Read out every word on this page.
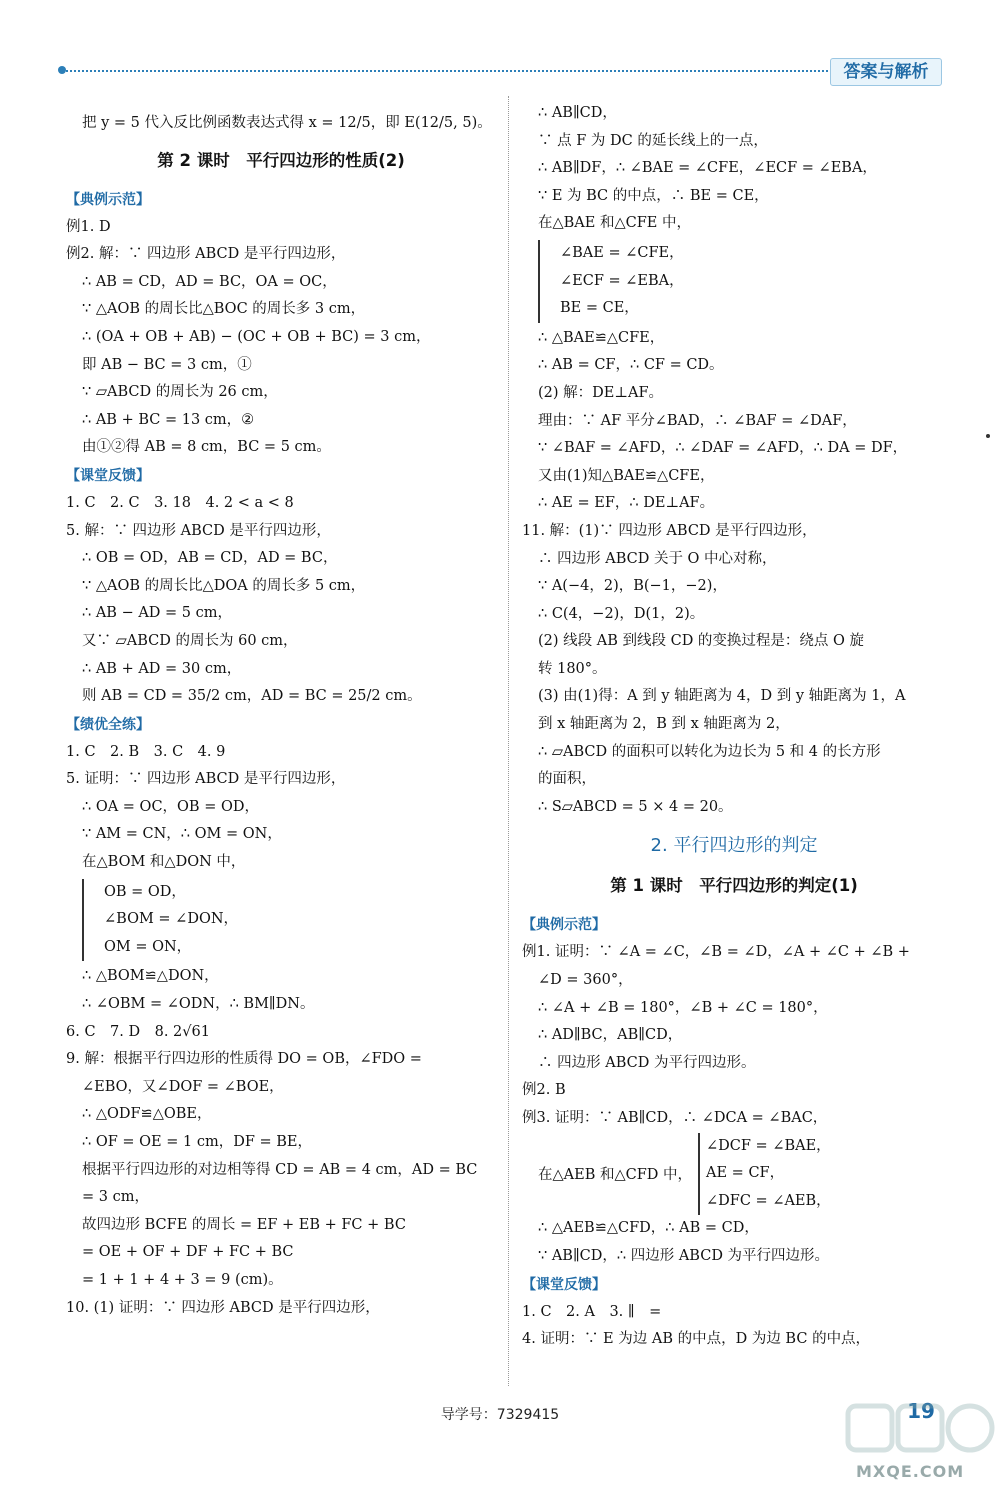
答案与解析
把 y = 5 代入反比例函数表达式得 x = 12/5，即 E(12/5, 5)。
第 2 课时　平行四边形的性质(2)
【典例示范】
例1. D
例2. 解：∵ 四边形 ABCD 是平行四边形，
∴ AB = CD，AD = BC，OA = OC，
∵ △AOB 的周长比△BOC 的周长多 3 cm，
∴ (OA + OB + AB) − (OC + OB + BC) = 3 cm，
即 AB − BC = 3 cm，①
∵ ▱ABCD 的周长为 26 cm，
∴ AB + BC = 13 cm，②
由①②得 AB = 8 cm，BC = 5 cm。
【课堂反馈】
1. C　2. C　3. 18　4. 2 < a < 8
5. 解：∵ 四边形 ABCD 是平行四边形，
∴ OB = OD，AB = CD，AD = BC，
∵ △AOB 的周长比△DOA 的周长多 5 cm，
∴ AB − AD = 5 cm，
又∵ ▱ABCD 的周长为 60 cm，
∴ AB + AD = 30 cm，
则 AB = CD = 35/2 cm，AD = BC = 25/2 cm。
【绩优全练】
1. C　2. B　3. C　4. 9
5. 证明：∵ 四边形 ABCD 是平行四边形，
∴ OA = OC，OB = OD，
∵ AM = CN，∴ OM = ON，
在△BOM 和△DON 中，
OB = OD，
∠BOM = ∠DON，
OM = ON，
∴ △BOM≌△DON，
∴ ∠OBM = ∠ODN，∴ BM∥DN。
6. C　7. D　8. 2√61
9. 解：根据平行四边形的性质得 DO = OB，∠FDO =
∠EBO，又∠DOF = ∠BOE，
∴ △ODF≌△OBE，
∴ OF = OE = 1 cm，DF = BE，
根据平行四边形的对边相等得 CD = AB = 4 cm，AD = BC
= 3 cm，
故四边形 BCFE 的周长 = EF + EB + FC + BC
= OE + OF + DF + FC + BC
= 1 + 1 + 4 + 3 = 9 (cm)。
10. (1) 证明：∵ 四边形 ABCD 是平行四边形，
∴ AB∥CD，
∵ 点 F 为 DC 的延长线上的一点，
∴ AB∥DF，∴ ∠BAE = ∠CFE，∠ECF = ∠EBA，
∵ E 为 BC 的中点，∴ BE = CE，
在△BAE 和△CFE 中，
∠BAE = ∠CFE，
∠ECF = ∠EBA，
BE = CE，
∴ △BAE≌△CFE，
∴ AB = CF，∴ CF = CD。
(2) 解：DE⊥AF。
理由：∵ AF 平分∠BAD，∴ ∠BAF = ∠DAF，
∵ ∠BAF = ∠AFD，∴ ∠DAF = ∠AFD，∴ DA = DF，
又由(1)知△BAE≌△CFE，
∴ AE = EF，∴ DE⊥AF。
11. 解：(1)∵ 四边形 ABCD 是平行四边形，
∴ 四边形 ABCD 关于 O 中心对称，
∵ A(−4，2)，B(−1，−2)，
∴ C(4，−2)，D(1，2)。
(2) 线段 AB 到线段 CD 的变换过程是：绕点 O 旋
转 180°。
(3) 由(1)得：A 到 y 轴距离为 4，D 到 y 轴距离为 1，A
到 x 轴距离为 2，B 到 x 轴距离为 2，
∴ ▱ABCD 的面积可以转化为边长为 5 和 4 的长方形
的面积，
∴ S▱ABCD = 5 × 4 = 20。
2. 平行四边形的判定
第 1 课时　平行四边形的判定(1)
【典例示范】
例1. 证明：∵ ∠A = ∠C，∠B = ∠D，∠A + ∠C + ∠B +
∠D = 360°，
∴ ∠A + ∠B = 180°，∠B + ∠C = 180°，
∴ AD∥BC，AB∥CD，
∴ 四边形 ABCD 为平行四边形。
例2. B
例3. 证明：∵ AB∥CD，∴ ∠DCA = ∠BAC，
在△AEB 和△CFD 中，
∠DCF = ∠BAE，
AE = CF，
∠DFC = ∠AEB，
∴ △AEB≌△CFD，∴ AB = CD，
∵ AB∥CD，∴ 四边形 ABCD 为平行四边形。
【课堂反馈】
1. C　2. A　3. ∥　=
4. 证明：∵ E 为边 AB 的中点，D 为边 BC 的中点，
导学号：7329415	19
MXQE.COM
